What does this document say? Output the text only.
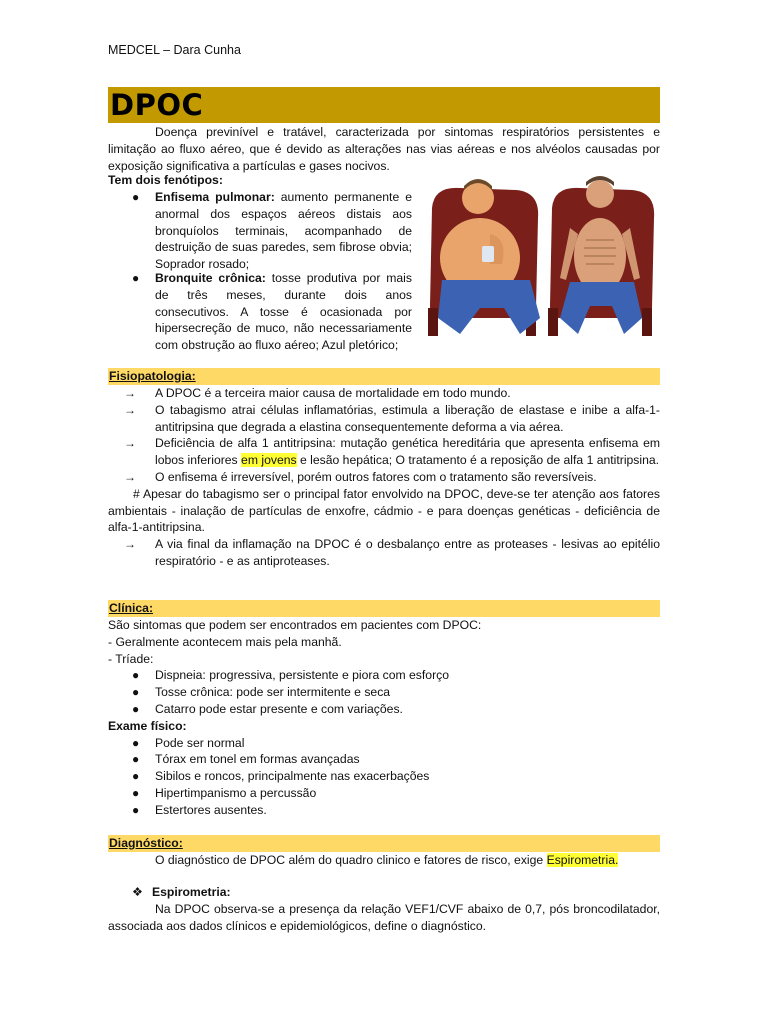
MEDCEL – Dara Cunha
DPOC
Doença previnível e tratável, caracterizada por sintomas respiratórios persistentes e limitação ao fluxo aéreo, que é devido as alterações nas vias aéreas e nos alvéolos causadas por exposição significativa a partículas e gases nocivos.
Tem dois fenótipos:
● Enfisema pulmonar: aumento permanente e anormal dos espaços aéreos distais aos bronquíolos terminais, acompanhado de destruição de suas paredes, sem fibrose obvia; Soprador rosado;
● Bronquite crônica: tosse produtiva por mais de três meses, durante dois anos consecutivos. A tosse é ocasionada por hipersecreção de muco, não necessariamente com obstrução ao fluxo aéreo; Azul pletórico;
Fisiopatologia:
→ A DPOC é a terceira maior causa de mortalidade em todo mundo.
→ O tabagismo atrai células inflamatórias, estimula a liberação de elastase e inibe a alfa-1-antitripsina que degrada a elastina consequentemente deforma a via aérea.
→ Deficiência de alfa 1 antitripsina: mutação genética hereditária que apresenta enfisema em lobos inferiores em jovens e lesão hepática; O tratamento é a reposição de alfa 1 antitripsina.
→ O enfisema é irreversível, porém outros fatores com o tratamento são reversíveis.
# Apesar do tabagismo ser o principal fator envolvido na DPOC, deve-se ter atenção aos fatores ambientais - inalação de partículas de enxofre, cádmio - e para doenças genéticas - deficiência de alfa-1-antitripsina.
→ A via final da inflamação na DPOC é o desbalanço entre as proteases - lesivas ao epitélio respiratório - e as antiproteases.
Clínica:
São sintomas que podem ser encontrados em pacientes com DPOC:
- Geralmente acontecem mais pela manhã.
- Tríade:
● Dispneia: progressiva, persistente e piora com esforço
● Tosse crônica: pode ser intermitente e seca
● Catarro pode estar presente e com variações.
Exame físico:
● Pode ser normal
● Tórax em tonel em formas avançadas
● Sibilos e roncos, principalmente nas exacerbações
● Hipertimpanismo a percussão
● Estertores ausentes.
Diagnóstico:
O diagnóstico de DPOC além do quadro clinico e fatores de risco, exige Espirometria.
❖ Espirometria:
Na DPOC observa-se a presença da relação VEF1/CVF abaixo de 0,7, pós broncodilatador, associada aos dados clínicos e epidemiológicos, define o diagnóstico.
